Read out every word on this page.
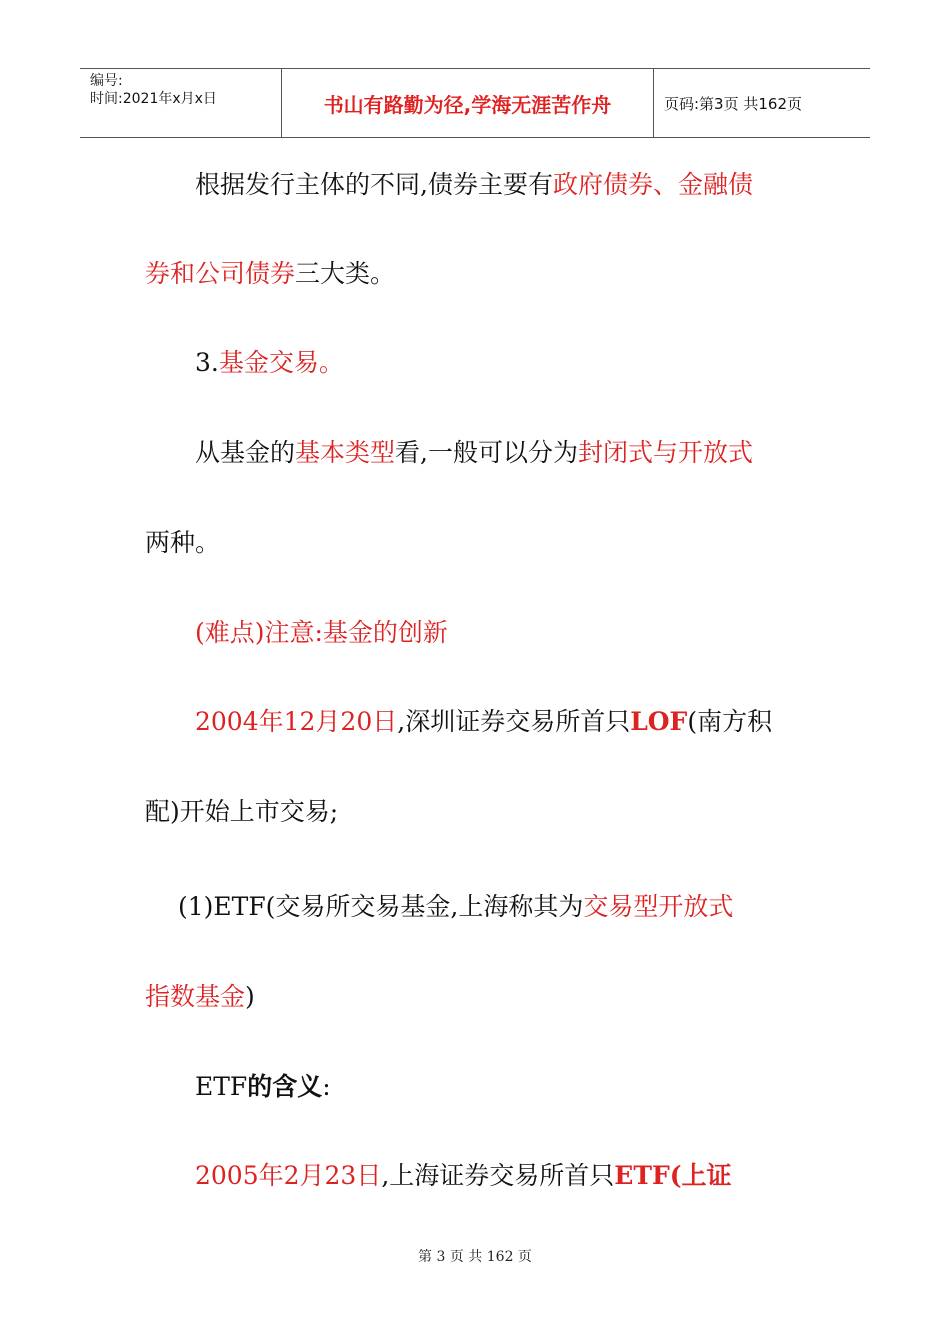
编号:
时间:2021年x月x日	书山有路勤为径,学海无涯苦作舟	页码:第3页 共162页
根据发行主体的不同,债券主要有政府债券、金融债
券和公司债券三大类。
3.基金交易。
从基金的基本类型看,一般可以分为封闭式与开放式
两种。
(难点)注意:基金的创新
2004年12月20日,深圳证券交易所首只LOF(南方积
配)开始上市交易;
(1)ETF(交易所交易基金,上海称其为交易型开放式
指数基金)
ETF的含义:
2005年2月23日,上海证券交易所首只ETF(上证
第 3 页 共 162 页
